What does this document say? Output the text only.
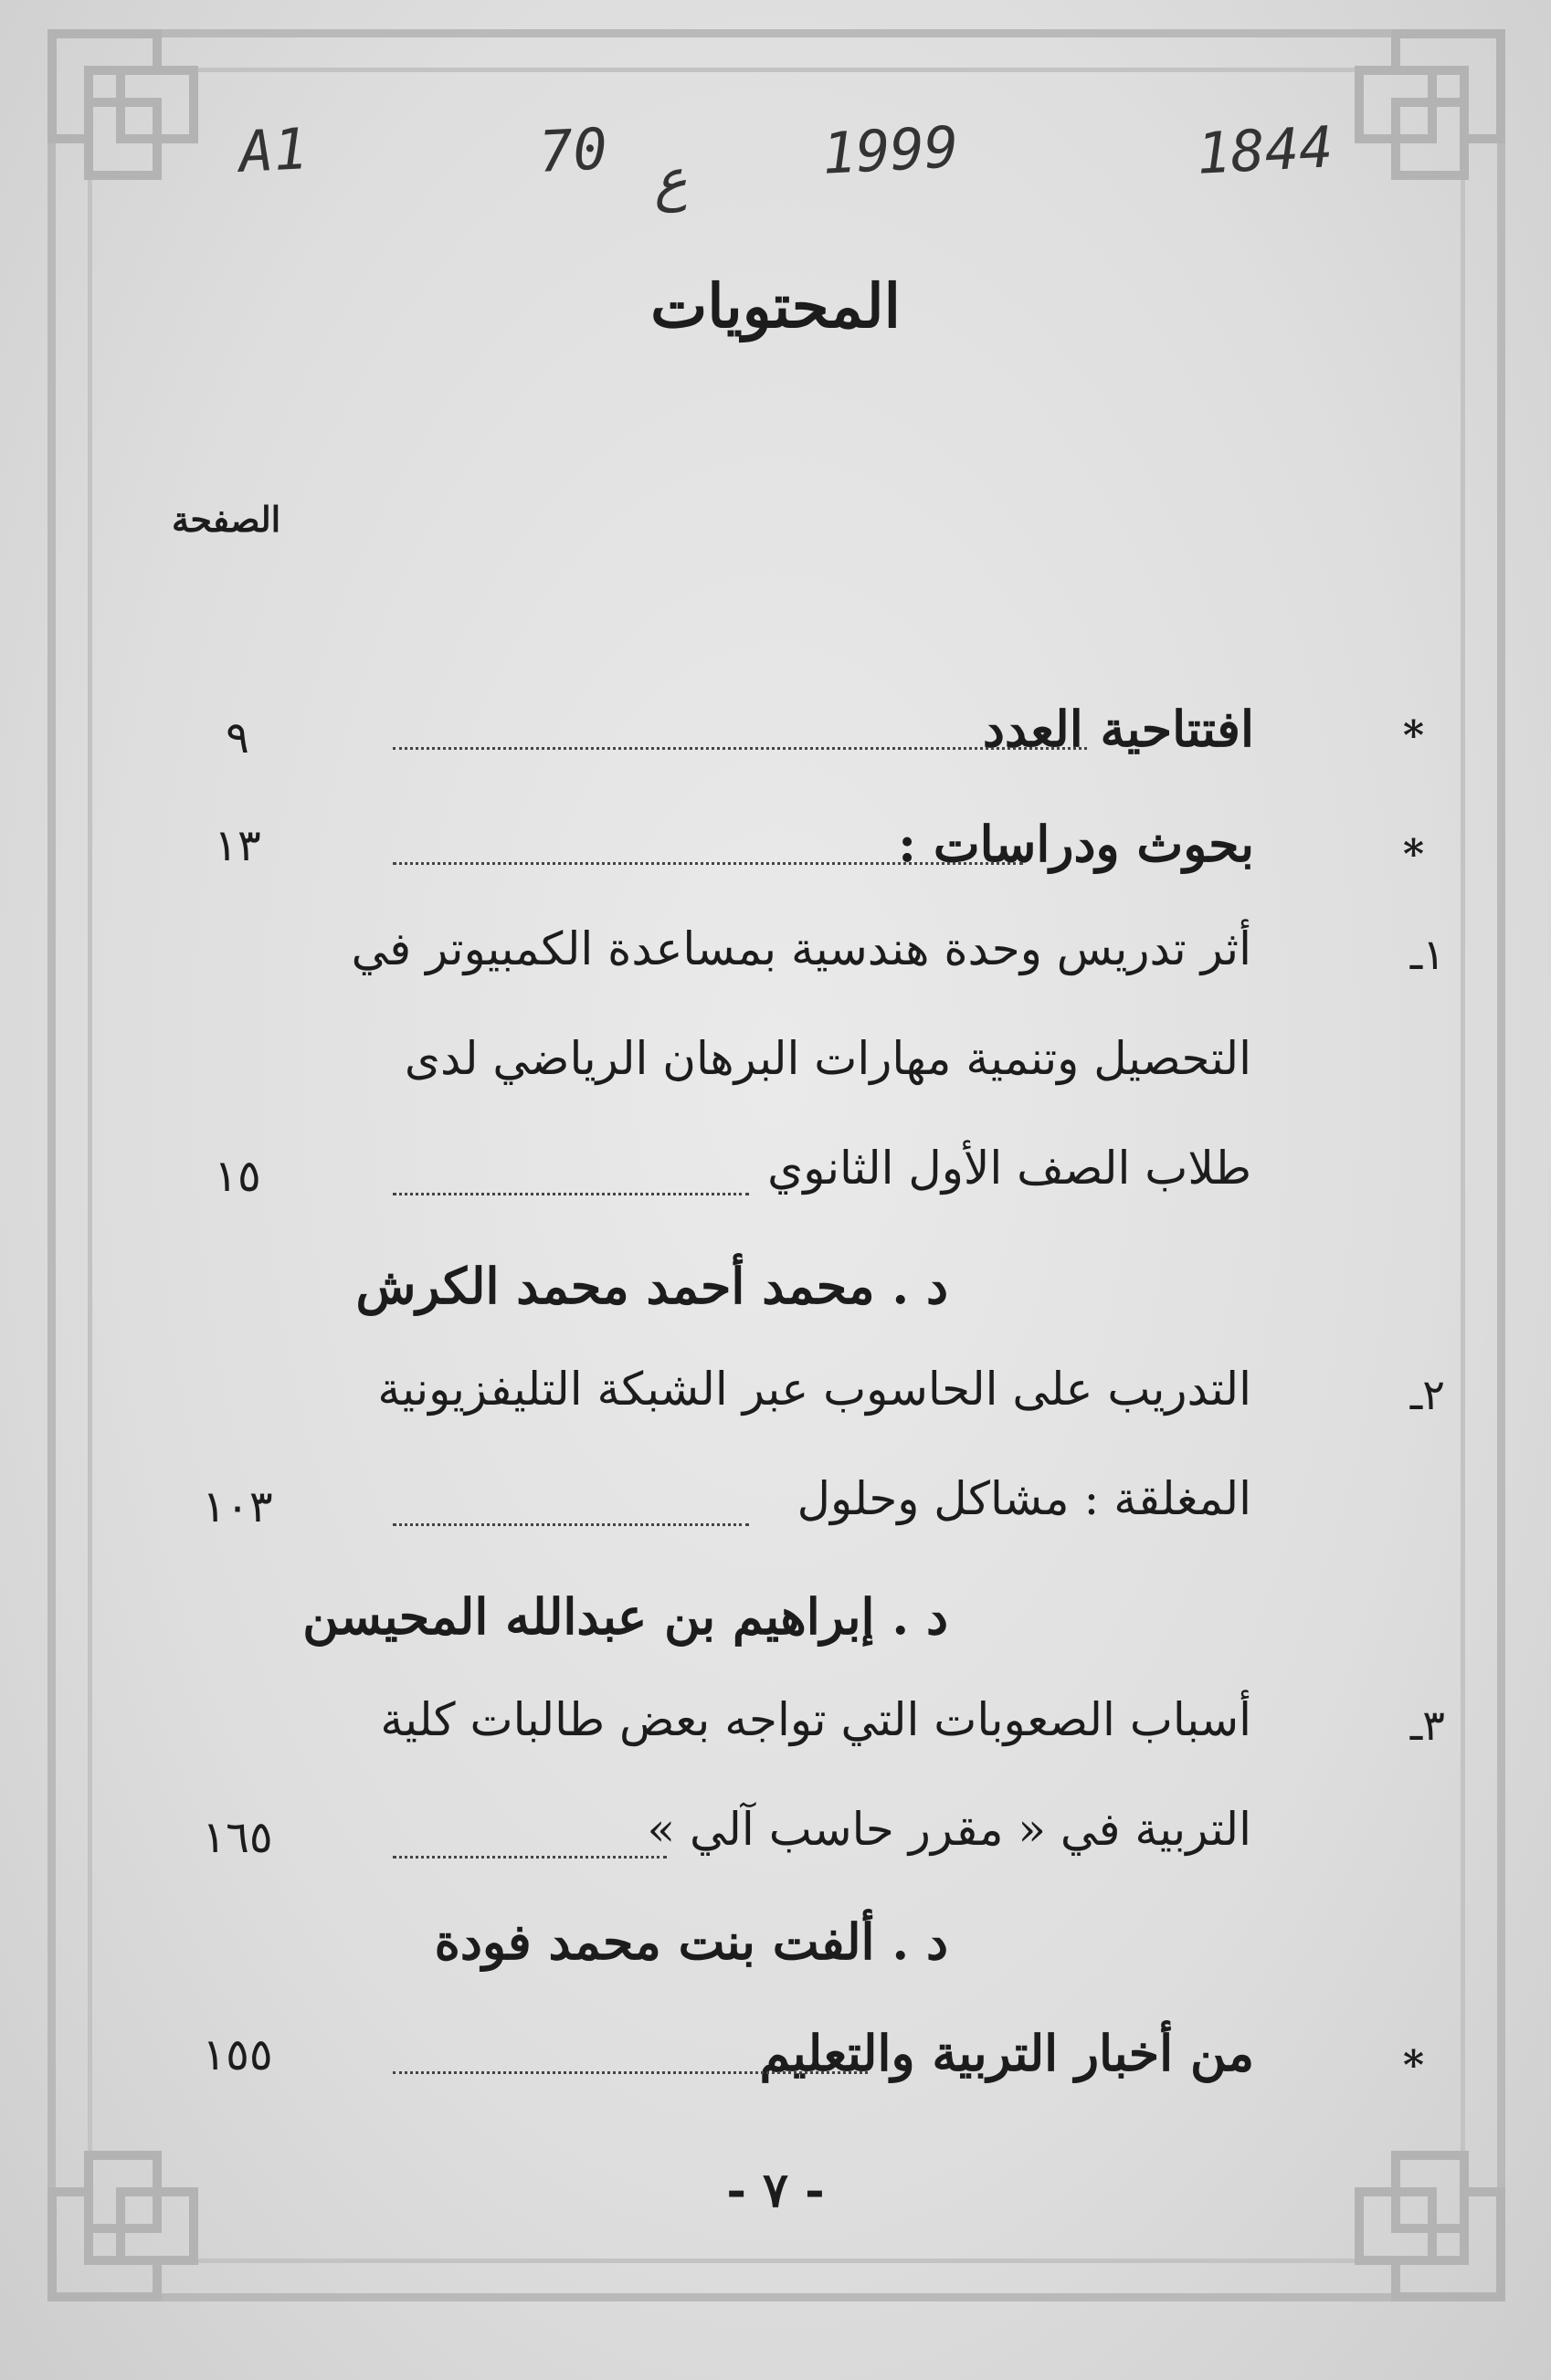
A1	70 ع 1999	1844
المحتويات
الصفحة
*
افتتاحية العدد
٩
*
بحوث ودراسات :
١٣
١ـ
أثر تدريس وحدة هندسية بمساعدة الكمبيوتر في
التحصيل وتنمية مهارات البرهان الرياضي لدى
طلاب الصف الأول الثانوي
١٥
د . محمد أحمد محمد الكرش
٢ـ
التدريب على الحاسوب عبر الشبكة التليفزيونية
المغلقة : مشاكل وحلول
١٠٣
د . إبراهيم بن عبدالله المحيسن
٣ـ
أسباب الصعوبات التي تواجه بعض طالبات كلية
التربية في « مقرر حاسب آلي »
١٦٥
د . ألفت بنت محمد فودة
*
من أخبار التربية والتعليم
١٥٥
- ٧ -
